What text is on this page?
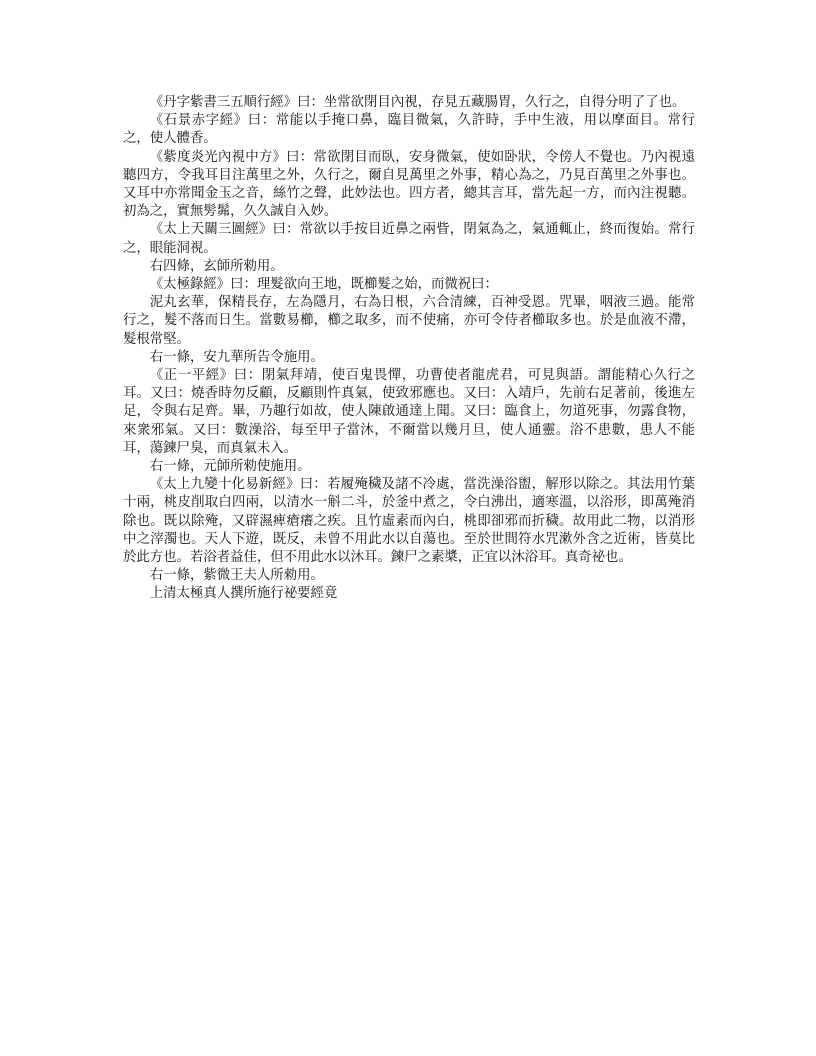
《丹字紫書三五順行經》曰：坐常欲閉目內視，存見五藏腸胃，久行之，自得分明了了也。

《石景赤字經》曰：常能以手掩口鼻，臨目微氣，久許時，手中生液，用以摩面目。常行之，使人體香。

《紫度炎光內視中方》曰：常欲閉目而臥，安身微氣，使如卧狀，令傍人不覺也。乃內視遠聽四方，令我耳目注萬里之外，久行之，爾自見萬里之外事，精心為之，乃見百萬里之外事也。又耳中亦常聞金玉之音，絲竹之聲，此妙法也。四方者，總其言耳，當先起一方，而內注視聽。初為之，實無髣髴，久久誠自入妙。

《太上天關三圖經》曰：常欲以手按目近鼻之兩眥，閉氣為之，氣通輒止，終而復始。常行之，眼能洞視。

右四條，玄師所勑用。

《太極錄經》曰：理髮欲向王地，既櫛髮之始，而微祝曰：

泥丸玄華，保精長存，左為隱月，右為日根，六合清練，百神受恩。咒畢，咽液三過。能常行之，髮不落而日生。當數易櫛，櫛之取多，而不使痛，亦可令侍者櫛取多也。於是血液不滯，髮根常堅。

右一條，安九華所告令施用。

《正一平經》曰：閉氣拜靖，使百鬼畏憚，功曹使者龍虎君，可見與語。謂能精心久行之耳。又曰：燒香時勿反顧，反顧則忤真氣，使致邪應也。又曰：入靖戶，先前右足著前，後進左足，令與右足齊。畢，乃趣行如故，使人陳啟通達上聞。又曰：臨食上，勿道死事，勿露食物，來衆邪氣。又曰：數澡浴，每至甲子當沐，不爾當以幾月旦，使人通靈。浴不患數，患人不能耳，蕩鍊尸臭，而真氣未入。

右一條，元師所勑使施用。

《太上九變十化易新經》曰：若履殗穢及諸不冷處，當洗澡浴盥，解形以除之。其法用竹葉十兩，桃皮削取白四兩，以清水一斛二斗，於釜中煮之，令白沸出，適寒溫，以浴形，即萬殗消除也。既以除殗，又辟濕痺瘡癢之疾。且竹虛素而內白，桃即卻邪而折穢。故用此二物，以消形中之滓濁也。天人下遊，既反，未曾不用此水以自蕩也。至於世間符水咒漱外含之近術，皆莫比於此方也。若浴者益佳，但不用此水以沐耳。鍊尸之素槳，正宜以沐浴耳。真奇祕也。

右一條，紫微王夫人所勑用。

上清太極真人撰所施行祕要經竟
